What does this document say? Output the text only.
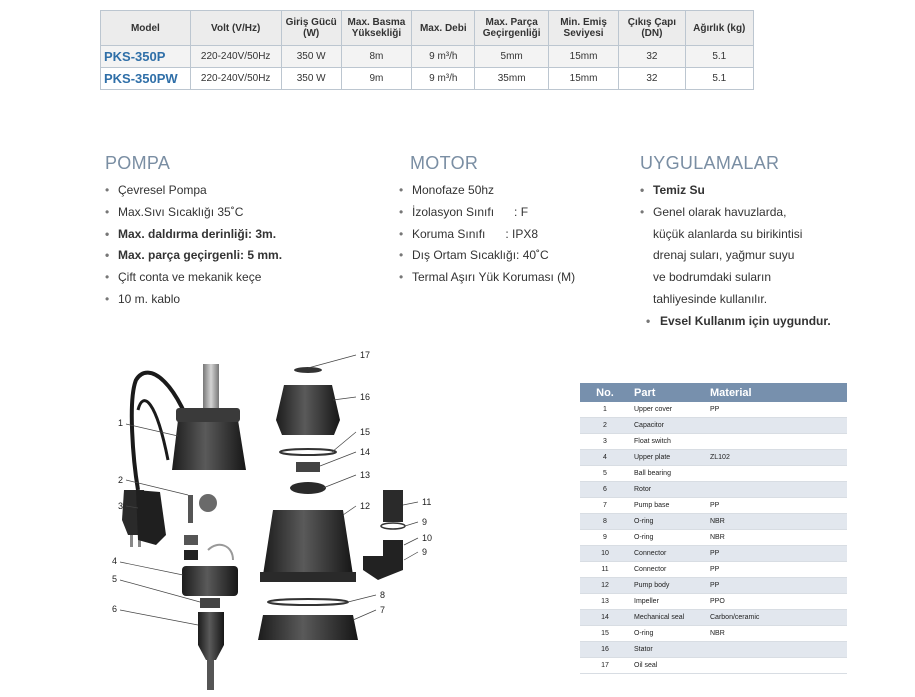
Model	Volt (V/Hz)	Giriş Gücü (W)	Max. Basma Yüksekliği	Max. Debi	Max. Parça Geçirgenliği	Min. Emiş Seviyesi	Çıkış Çapı (DN)	Ağırlık (kg)
PKS-350P	220-240V/50Hz	350 W	8m	9 m³/h	5mm	15mm	32	5.1
PKS-350PW	220-240V/50Hz	350 W	9m	9 m³/h	35mm	15mm	32	5.1
POMPA
• Çevresel Pompa
• Max.Sıvı Sıcaklığı 35˚C
• Max. daldırma derinliği: 3m.
• Max. parça geçirgenli: 5 mm.
• Çift conta ve mekanik keçe
• 10 m. kablo
MOTOR
• Monofaze 50hz
• İzolasyon Sınıfı      : F
• Koruma Sınıfı      : IPX8
• Dış Ortam Sıcaklığı: 40˚C
• Termal Aşırı Yük Koruması (M)
UYGULAMALAR
• Temiz Su
• Genel olarak havuzlarda,
küçük alanlarda su birikintisi
drenaj suları, yağmur suyu
ve bodrumdaki suların
tahliyesinde kullanılır.
• Evsel Kullanım için uygundur.
1
2
3
4
5
6
17
16
15
14
13
12	11
9
10
9
8
7
No.	Part	Material
1	Upper cover	PP
2	Capacitor	
3	Float switch	
4	Upper plate	ZL102
5	Ball bearing	
6	Rotor	
7	Pump base	PP
8	O-ring	NBR
9	O-ring	NBR
10	Connector	PP
11	Connector	PP
12	Pump body	PP
13	Impeller	PPO
14	Mechanical seal	Carbon/ceramic
15	O-ring	NBR
16	Stator	
17	Oil seal	
